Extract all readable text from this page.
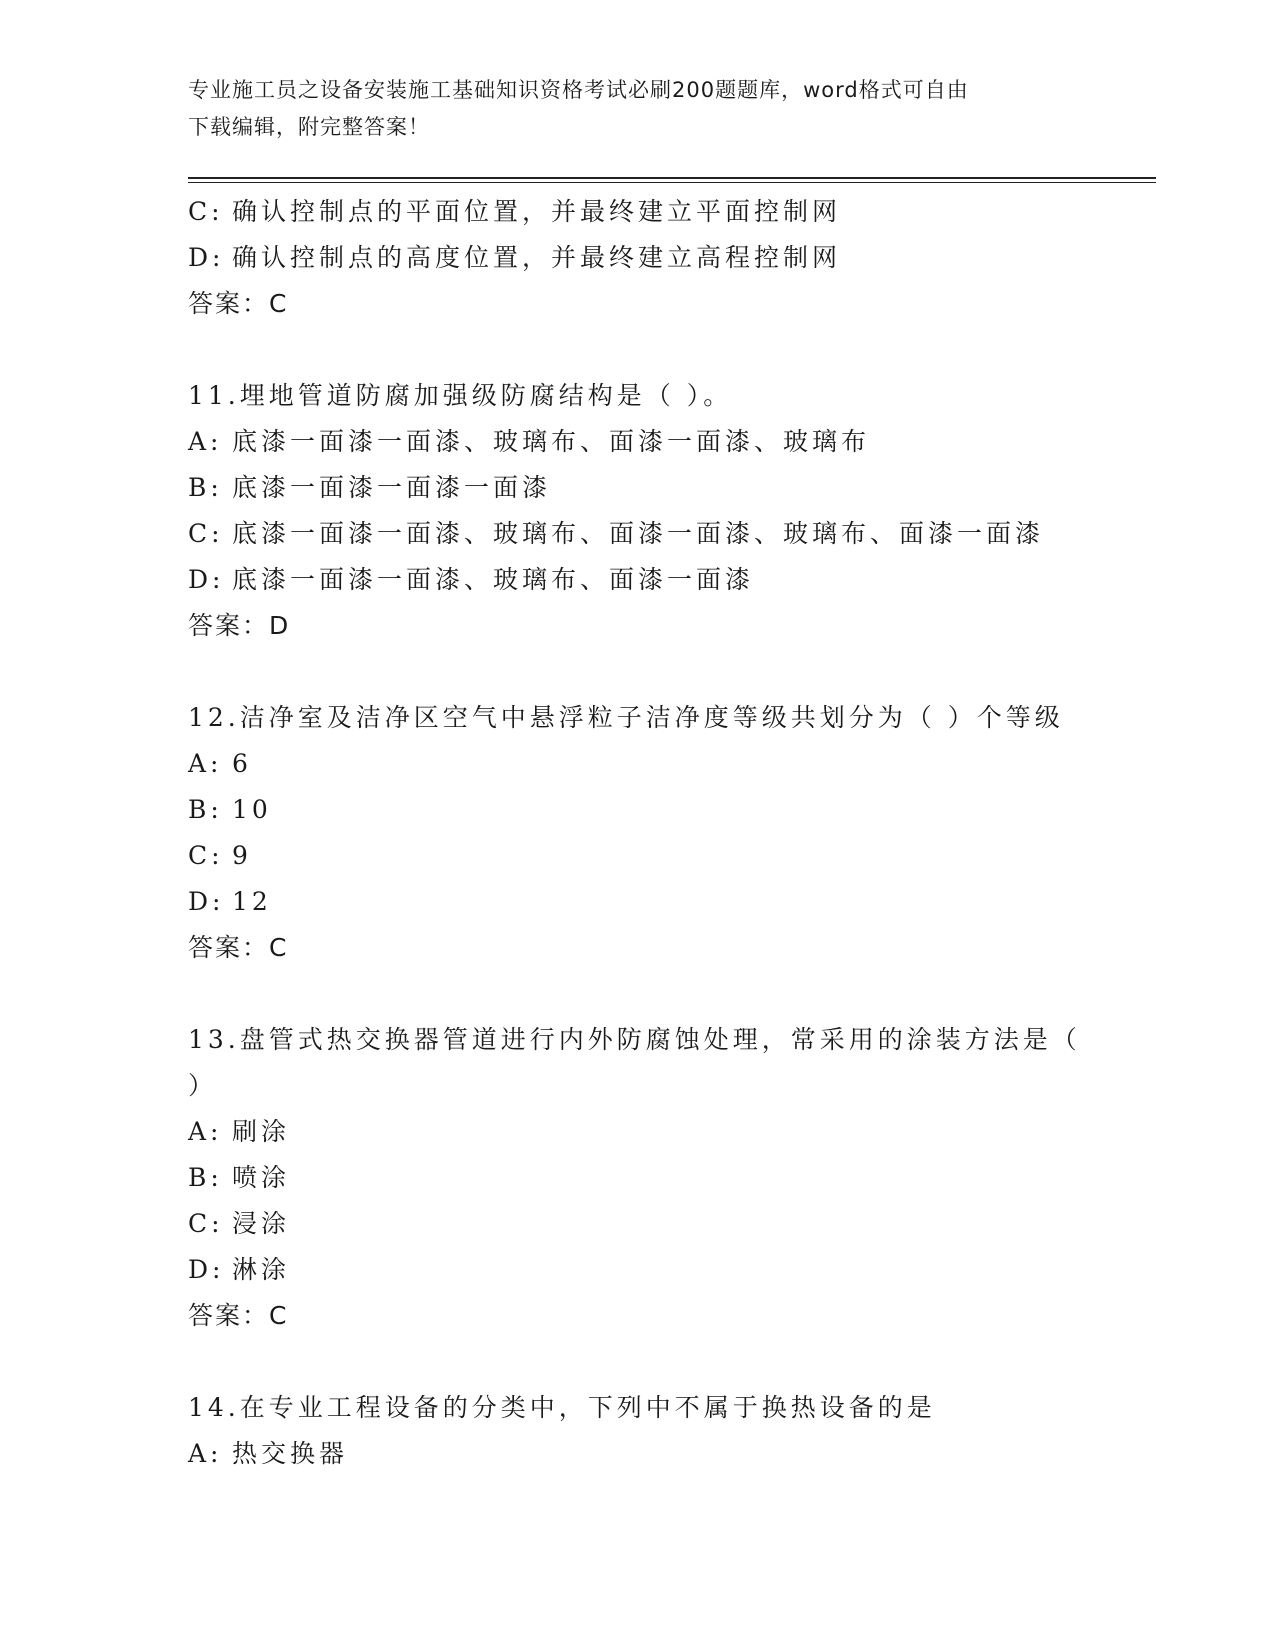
专业施工员之设备安装施工基础知识资格考试必刷200题题库，word格式可自由
下载编辑，附完整答案！
C: 确认控制点的平面位置，并最终建立平面控制网
D: 确认控制点的高度位置，并最终建立高程控制网
答案：C
11.埋地管道防腐加强级防腐结构是（ ）。
A: 底漆一面漆一面漆、玻璃布、面漆一面漆、玻璃布
B: 底漆一面漆一面漆一面漆
C: 底漆一面漆一面漆、玻璃布、面漆一面漆、玻璃布、面漆一面漆
D: 底漆一面漆一面漆、玻璃布、面漆一面漆
答案：D
12.洁净室及洁净区空气中悬浮粒子洁净度等级共划分为（ ）个等级
A: 6
B: 10
C: 9
D: 12
答案：C
13.盘管式热交换器管道进行内外防腐蚀处理，常采用的涂装方法是（
）
A: 刷涂
B: 喷涂
C: 浸涂
D: 淋涂
答案：C
14.在专业工程设备的分类中，下列中不属于换热设备的是
A: 热交换器
